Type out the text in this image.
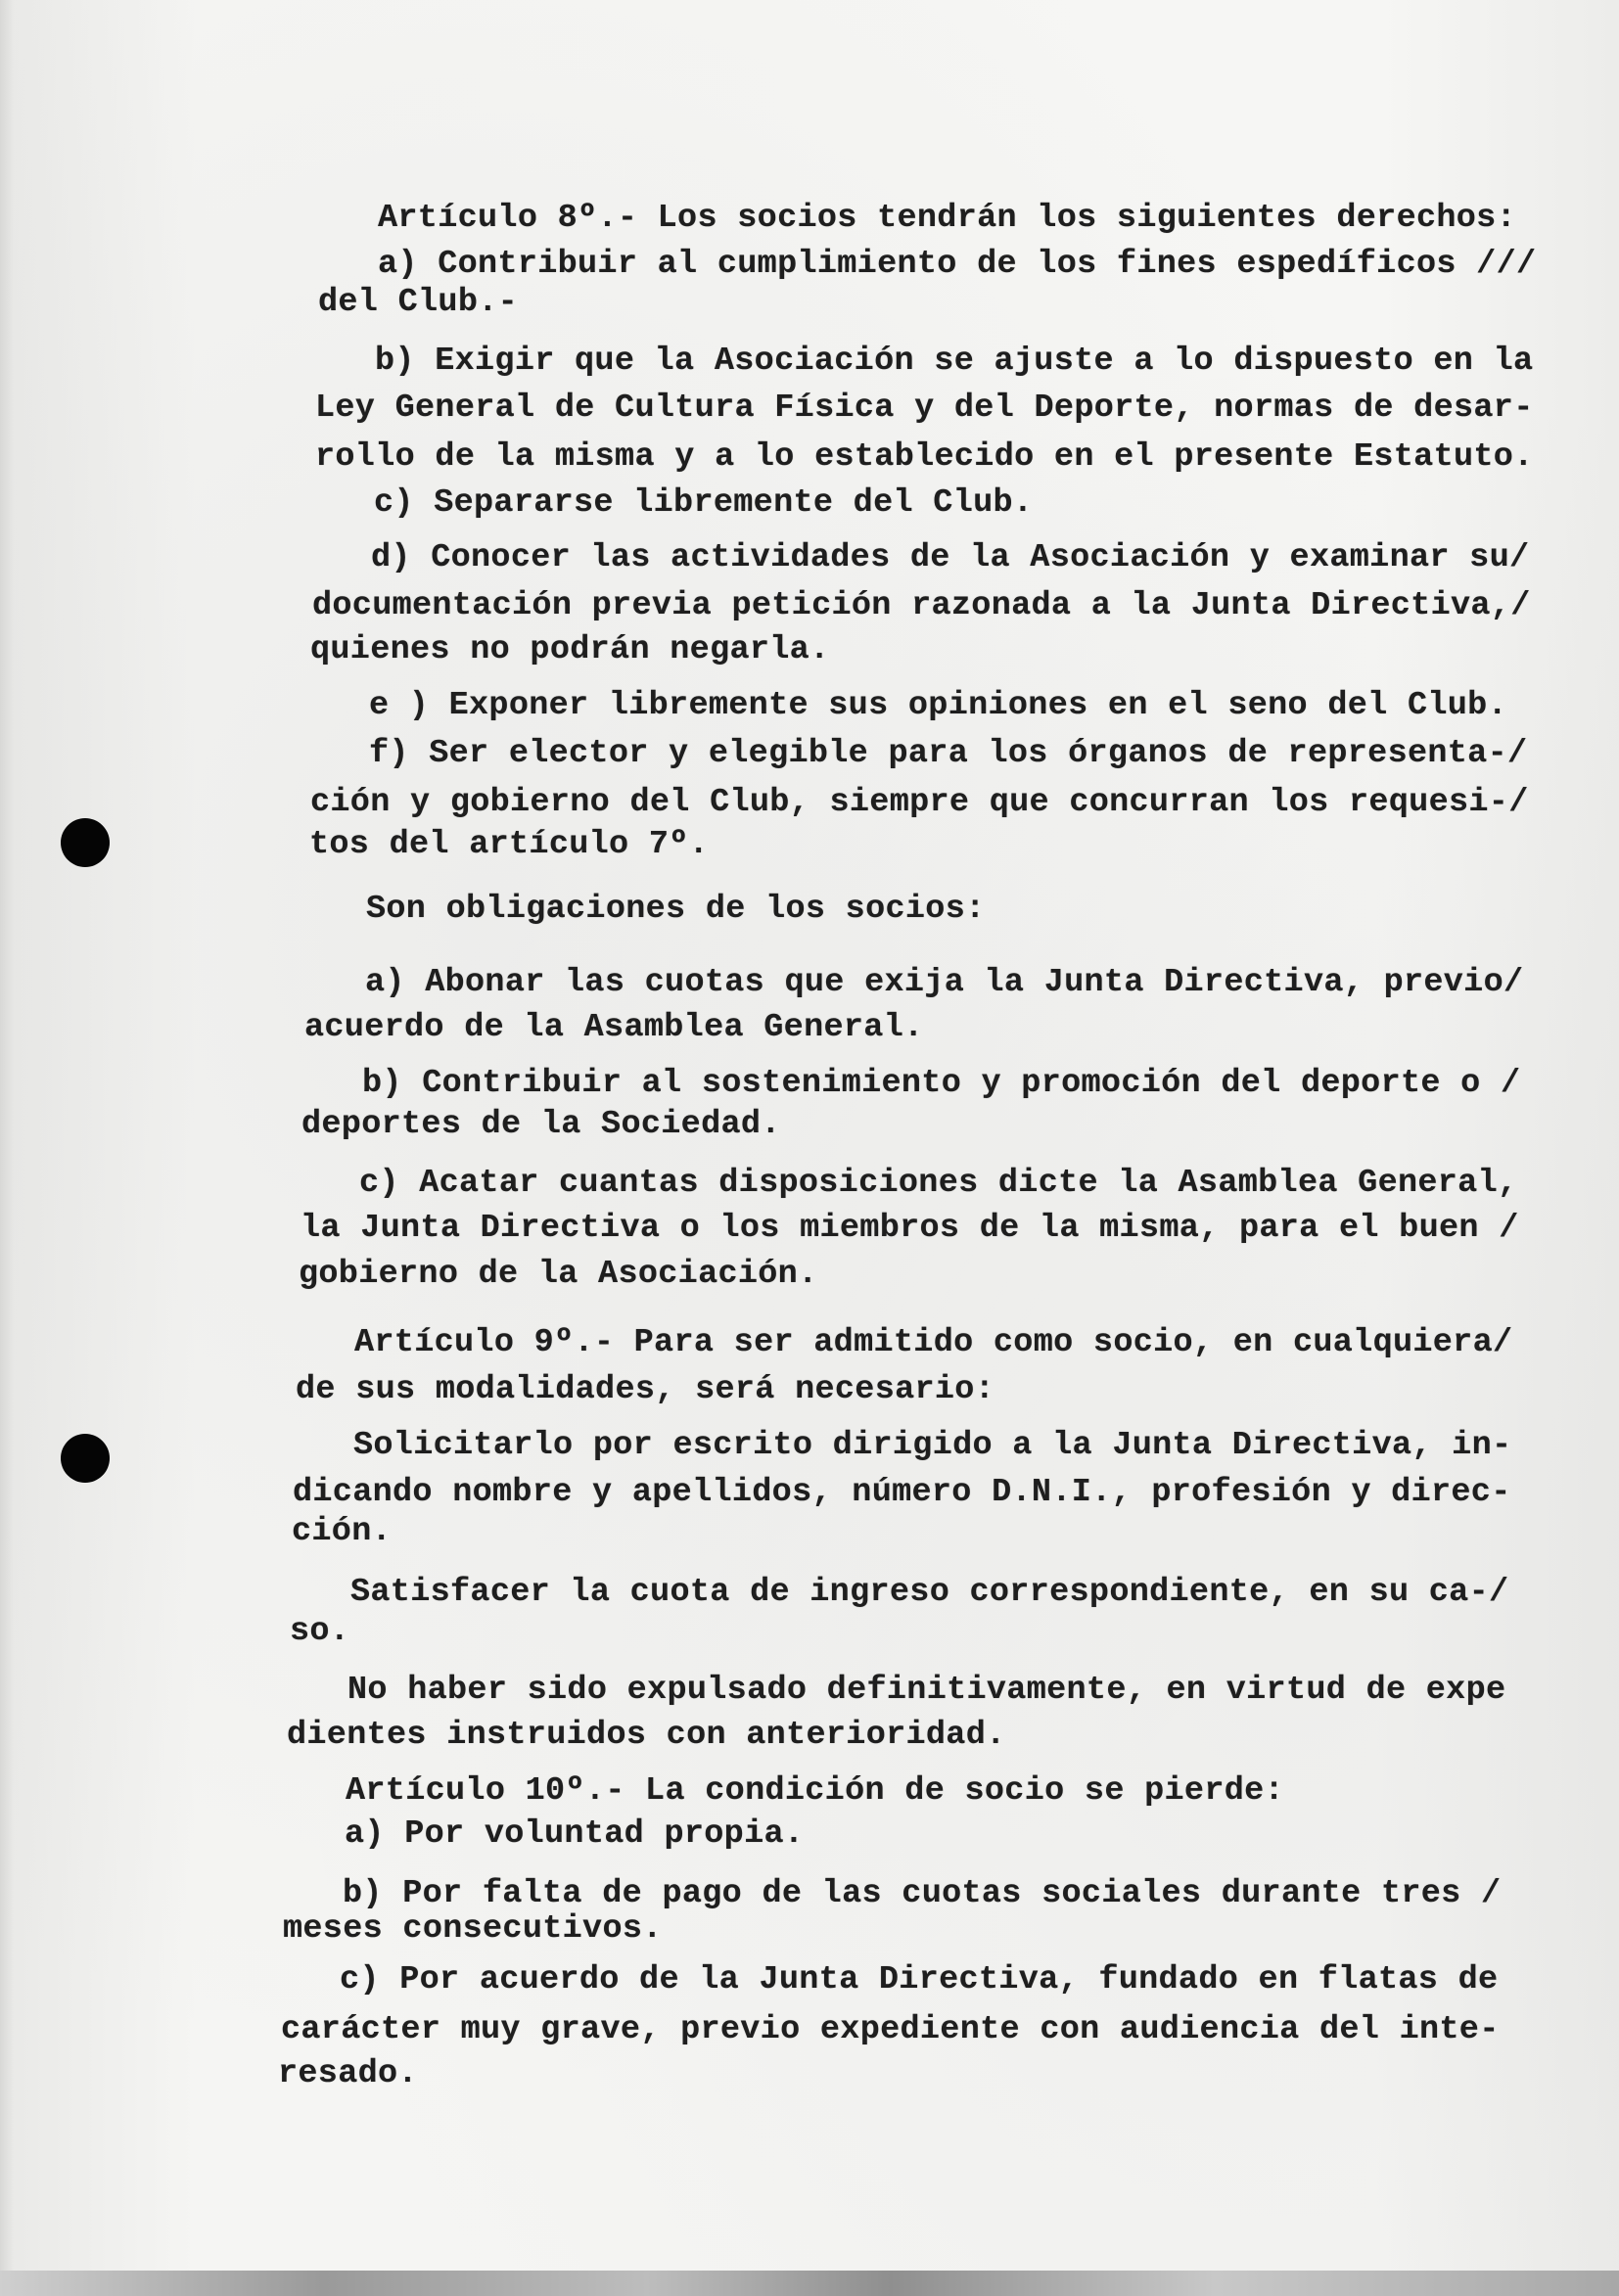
Artículo 8º.- Los socios tendrán los siguientes derechos:
a) Contribuir al cumplimiento de los fines espedíficos ///
del Club.-
b) Exigir que la Asociación se ajuste a lo dispuesto en la
Ley General de Cultura Física y del Deporte, normas de desar-
rollo de la misma y a lo establecido en el presente Estatuto.
c) Separarse libremente del Club.
d) Conocer las actividades de la Asociación y examinar su/
documentación previa petición razonada a la Junta Directiva,/
quienes no podrán negarla.
e ) Exponer libremente sus opiniones en el seno del Club.
f) Ser elector y elegible para los órganos de representa-/
ción y gobierno del Club, siempre que concurran los requesi-/
tos del artículo 7º.
Son obligaciones de los socios:
a) Abonar las cuotas que exija la Junta Directiva, previo/
acuerdo de la Asamblea General.
b) Contribuir al sostenimiento y promoción del deporte o /
deportes de la Sociedad.
c) Acatar cuantas disposiciones dicte la Asamblea General,
la Junta Directiva o los miembros de la misma, para el buen /
gobierno de la Asociación.
Artículo 9º.- Para ser admitido como socio, en cualquiera/
de sus modalidades, será necesario:
Solicitarlo por escrito dirigido a la Junta Directiva, in-
dicando nombre y apellidos, número D.N.I., profesión y direc-
ción.
Satisfacer la cuota de ingreso correspondiente, en su ca-/
so.
No haber sido expulsado definitivamente, en virtud de expe
dientes instruidos con anterioridad.
Artículo 10º.- La condición de socio se pierde:
a) Por voluntad propia.
b) Por falta de pago de las cuotas sociales durante tres /
meses consecutivos.
c) Por acuerdo de la Junta Directiva, fundado en flatas de
carácter muy grave, previo expediente con audiencia del inte-
resado.
